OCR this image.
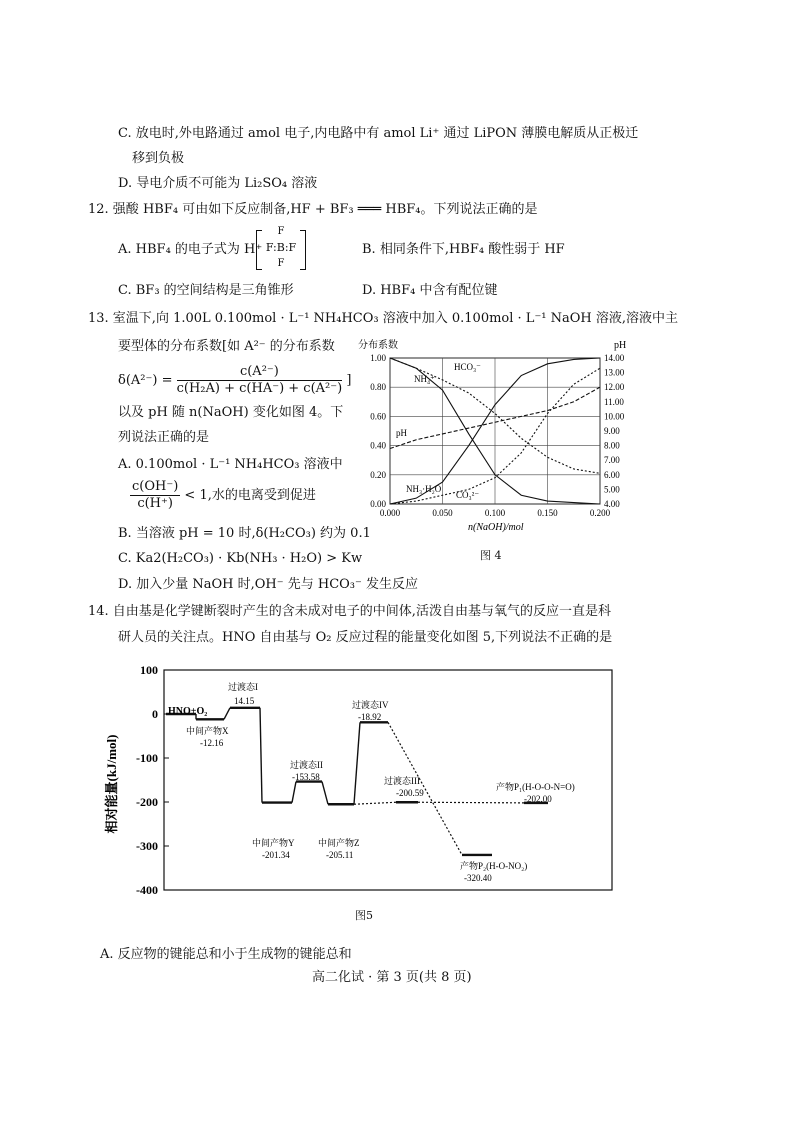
C. 放电时,外电路通过 amol 电子,内电路中有 amol Li⁺ 通过 LiPON 薄膜电解质从正极迁
移到负极
D. 导电介质不可能为 Li₂SO₄ 溶液
12. 强酸 HBF₄ 可由如下反应制备,HF + BF₃ ═══ HBF₄。下列说法正确的是
A. HBF₄ 的电子式为 H⁺
F
F:B:F
F
B. 相同条件下,HBF₄ 酸性弱于 HF
C. BF₃ 的空间结构是三角锥形	D. HBF₄ 中含有配位键
13. 室温下,向 1.00L 0.100mol · L⁻¹ NH₄HCO₃ 溶液中加入 0.100mol · L⁻¹ NaOH 溶液,溶液中主
要型体的分布系数[如 A²⁻ 的分布系数
$\delta(A^{2-}) = \frac{\text{c(A²⁻)}}{\text{c(H₂A) + c(HA⁻) + c(A²⁻)}}$ ]
以及 pH 随 n(NaOH) 变化如图 4。下
列说法正确的是
A. 0.100mol · L⁻¹ NH₄HCO₃ 溶液中
$\frac{c(OH^-)}{c(H^+)} < 1$,水的电离受到促进
B. 当溶液 pH = 10 时,δ(H₂CO₃) 约为 0.1
C. Ka2(H₂CO₃) · Kb(NH₃ · H₂O) > Kw
D. 加入少量 NaOH 时,OH⁻ 先与 HCO₃⁻ 发生反应
0.00
0.20
0.40
0.60
0.80
1.00
4.00
5.00
6.00
7.00
8.00
9.00
10.00
11.00
12.00
13.00
14.00
0.000	0.050	0.100	0.150	0.200
分布系数	pH
n(NaOH)/mol
NH₄⁺
HCO₃⁻
pH
NH₃·H₂O
CO₃²⁻
图 4
14. 自由基是化学键断裂时产生的含未成对电子的中间体,活泼自由基与氧气的反应一直是科
研人员的关注点。HNO 自由基与 O₂ 反应过程的能量变化如图 5,下列说法不正确的是
相对能量(kJ/mol)
100
0
-100
-200
-300
-400
HNO+O₂
中间产物X
-12.16
过渡态I
14.15
中间产物Y
-201.34
过渡态II
-153.58
中间产物Z
-205.11
过渡态IV
-18.92
过渡态III
-200.59
产物P₁(H-O-O-N=O)
-202.00
产物P₂(H-O-NO₂)
-320.40
图5
A. 反应物的键能总和小于生成物的键能总和
高二化试 · 第 3 页(共 8 页)
